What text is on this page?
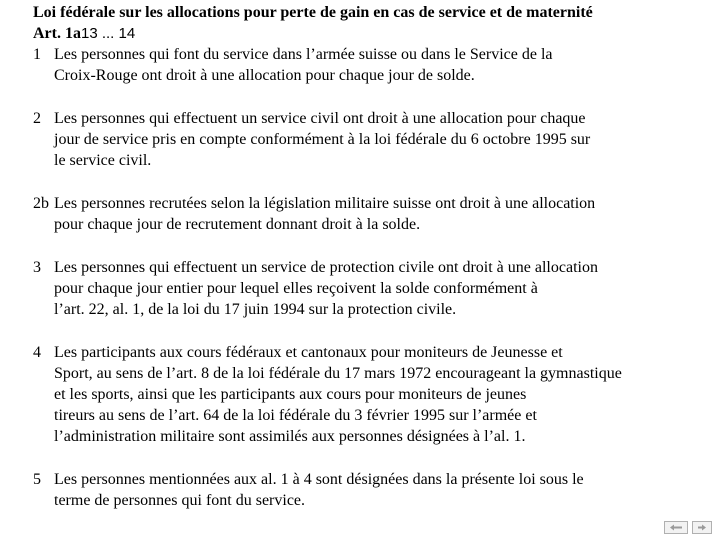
Loi fédérale sur les allocations pour perte de gain en cas de service et de maternité

Art. 1a13 ... 14

1 Les personnes qui font du service dans l’armée suisse ou dans le Service de la
Croix-Rouge ont droit à une allocation pour chaque jour de solde.
2 Les personnes qui effectuent un service civil ont droit à une allocation pour chaque
jour de service pris en compte conformément à la loi fédérale du 6 octobre 1995 sur
le service civil.
2b Les personnes recrutées selon la législation militaire suisse ont droit à une allocation
pour chaque jour de recrutement donnant droit à la solde.
3 Les personnes qui effectuent un service de protection civile ont droit à une allocation
pour chaque jour entier pour lequel elles reçoivent la solde conformément à
l’art. 22, al. 1, de la loi du 17 juin 1994 sur la protection civile.
4 Les participants aux cours fédéraux et cantonaux pour moniteurs de Jeunesse et
Sport, au sens de l’art. 8 de la loi fédérale du 17 mars 1972 encourageant la gymnastique
et les sports, ainsi que les participants aux cours pour moniteurs de jeunes
tireurs au sens de l’art. 64 de la loi fédérale du 3 février 1995 sur l’armée et
l’administration militaire sont assimilés aux personnes désignées à l’al. 1.
5 Les personnes mentionnées aux al. 1 à 4 sont désignées dans la présente loi sous le
terme de personnes qui font du service.
